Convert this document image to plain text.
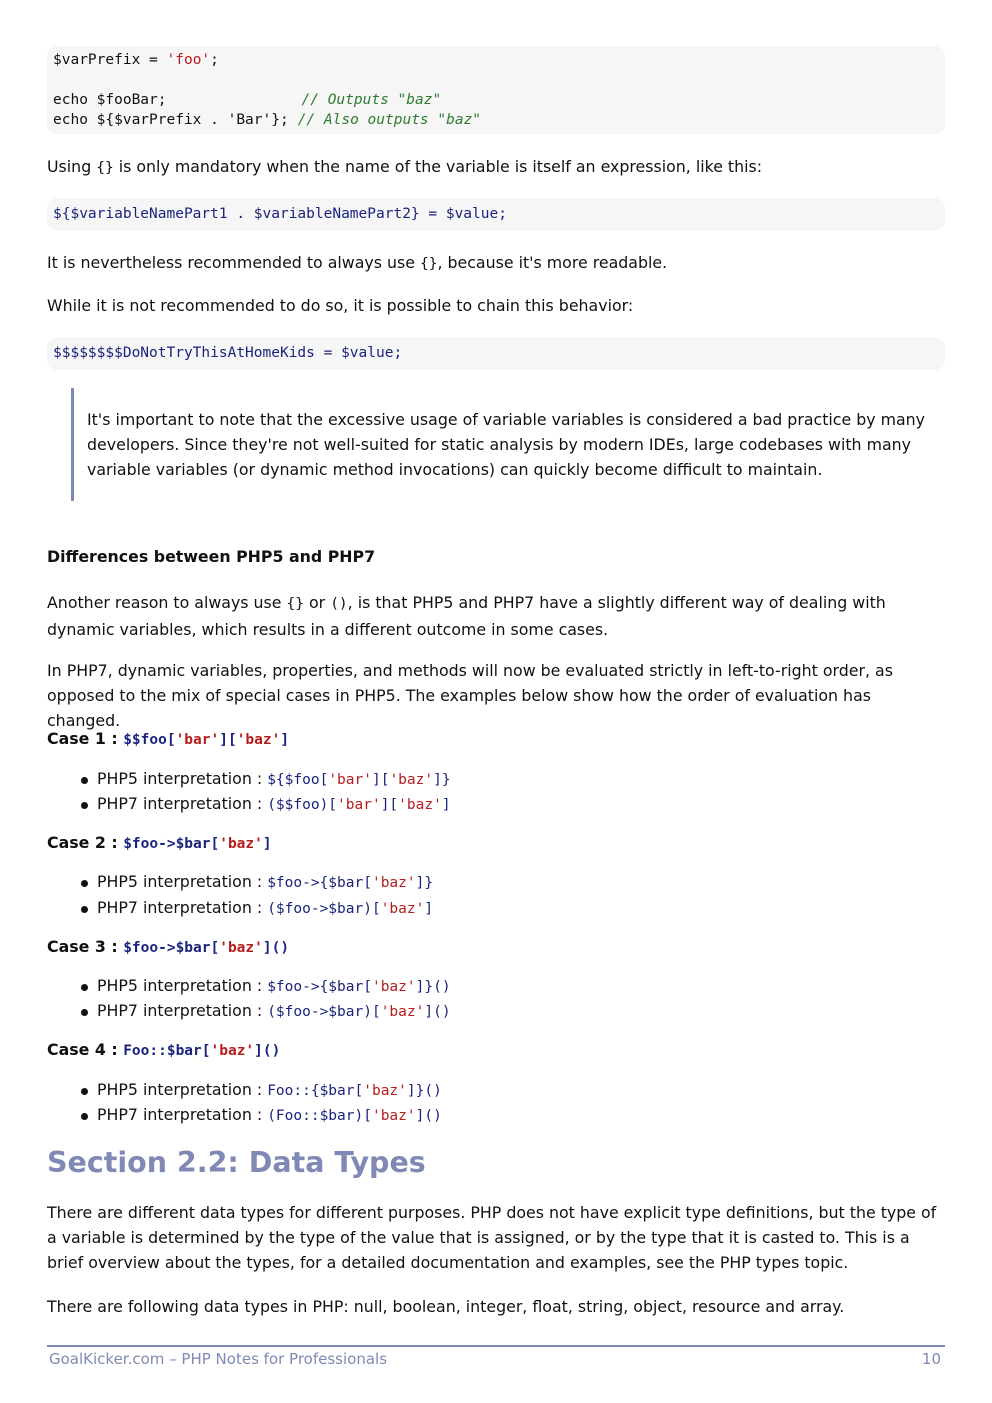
$varPrefix = 'foo';
echo $fooBar;	// Outputs "baz"
echo ${$varPrefix . 'Bar'}; // Also outputs "baz"
Using {} is only mandatory when the name of the variable is itself an expression, like this:
${$variableNamePart1 . $variableNamePart2} = $value;
It is nevertheless recommended to always use {}, because it's more readable.
While it is not recommended to do so, it is possible to chain this behavior:
$$$$$$$$DoNotTryThisAtHomeKids = $value;
It's important to note that the excessive usage of variable variables is considered a bad practice by many developers. Since they're not well-suited for static analysis by modern IDEs, large codebases with many variable variables (or dynamic method invocations) can quickly become difficult to maintain.
Differences between PHP5 and PHP7
Another reason to always use {} or (), is that PHP5 and PHP7 have a slightly different way of dealing with dynamic variables, which results in a different outcome in some cases.
In PHP7, dynamic variables, properties, and methods will now be evaluated strictly in left-to-right order, as opposed to the mix of special cases in PHP5. The examples below show how the order of evaluation has changed.
Case 1 : $$foo['bar']['baz']
PHP5 interpretation : ${$foo['bar']['baz']}
PHP7 interpretation : ($$foo)['bar']['baz']
Case 2 : $foo->$bar['baz']
PHP5 interpretation : $foo->{$bar['baz']}
PHP7 interpretation : ($foo->$bar)['baz']
Case 3 : $foo->$bar['baz']()
PHP5 interpretation : $foo->{$bar['baz']}()
PHP7 interpretation : ($foo->$bar)['baz']()
Case 4 : Foo::$bar['baz']()
PHP5 interpretation : Foo::{$bar['baz']}()
PHP7 interpretation : (Foo::$bar)['baz']()
Section 2.2: Data Types
There are different data types for different purposes. PHP does not have explicit type definitions, but the type of a variable is determined by the type of the value that is assigned, or by the type that it is casted to. This is a brief overview about the types, for a detailed documentation and examples, see the PHP types topic.
There are following data types in PHP: null, boolean, integer, float, string, object, resource and array.
GoalKicker.com – PHP Notes for Professionals	10
